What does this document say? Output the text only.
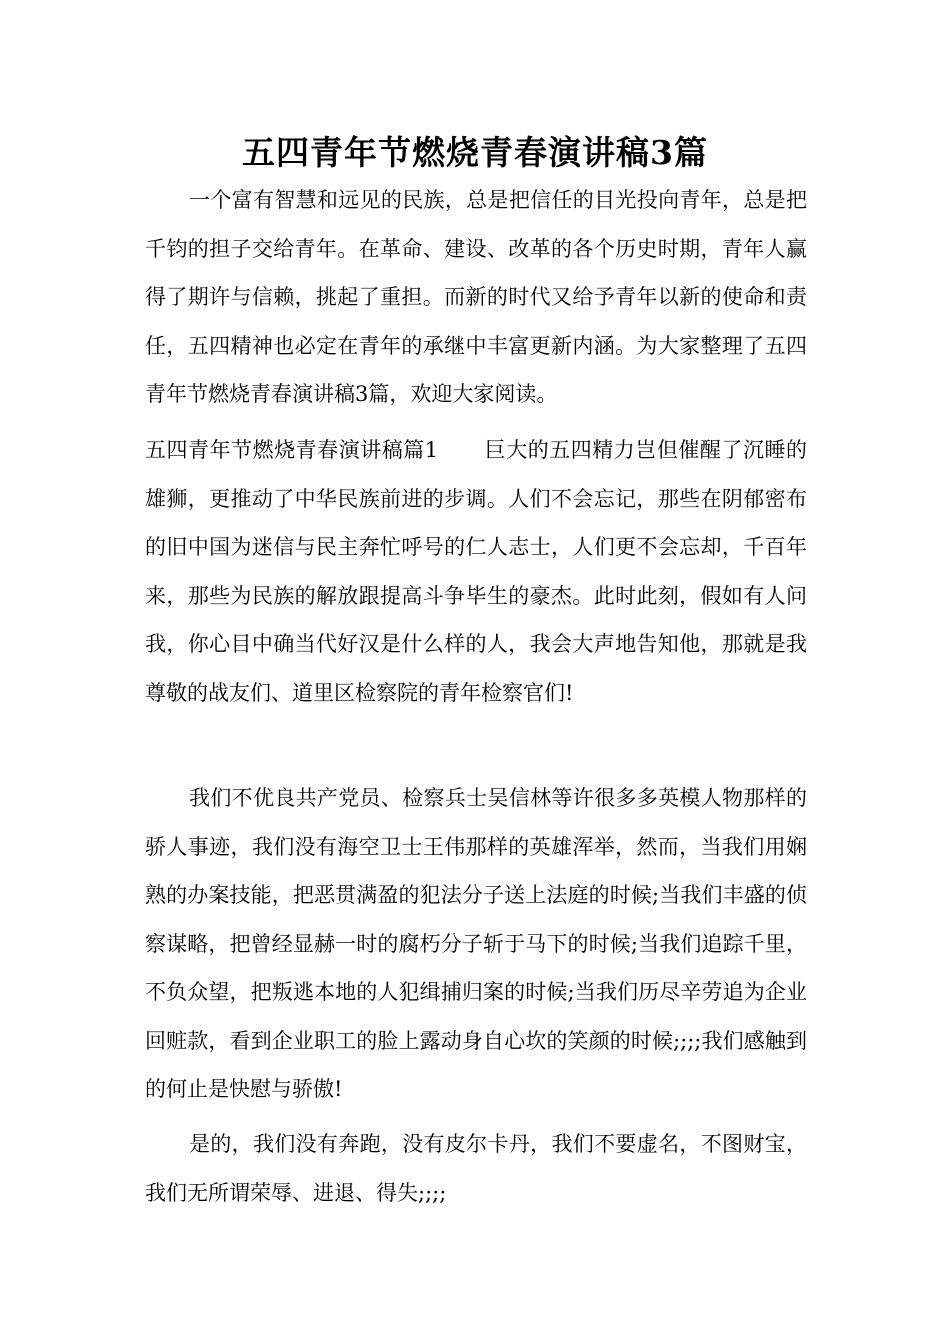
五四青年节燃烧青春演讲稿3篇

一个富有智慧和远见的民族，总是把信任的目光投向青年，总是把千钧的担子交给青年。在革命、建设、改革的各个历史时期，青年人赢得了期许与信赖，挑起了重担。而新的时代又给予青年以新的使命和责任，五四精神也必定在青年的承继中丰富更新内涵。为大家整理了五四青年节燃烧青春演讲稿3篇，欢迎大家阅读。

五四青年节燃烧青春演讲稿篇1 巨大的五四精力岂但催醒了沉睡的雄狮，更推动了中华民族前进的步调。人们不会忘记，那些在阴郁密布的旧中国为迷信与民主奔忙呼号的仁人志士，人们更不会忘却，千百年来，那些为民族的解放跟提高斗争毕生的豪杰。此时此刻，假如有人问我，你心目中确当代好汉是什么样的人，我会大声地告知他，那就是我尊敬的战友们、道里区检察院的青年检察官们!

我们不优良共产党员、检察兵士吴信林等许很多多英模人物那样的骄人事迹，我们没有海空卫士王伟那样的英雄浑举，然而，当我们用娴熟的办案技能，把恶贯满盈的犯法分子送上法庭的时候;当我们丰盛的侦察谋略，把曾经显赫一时的腐朽分子斩于马下的时候;当我们追踪千里，不负众望，把叛逃本地的人犯缉捕归案的时候;当我们历尽辛劳追为企业回赃款，看到企业职工的脸上露动身自心坎的笑颜的时候;;;;我们感触到的何止是快慰与骄傲!

是的，我们没有奔跑，没有皮尔卡丹，我们不要虚名，不图财宝，我们无所谓荣辱、进退、得失;;;;
